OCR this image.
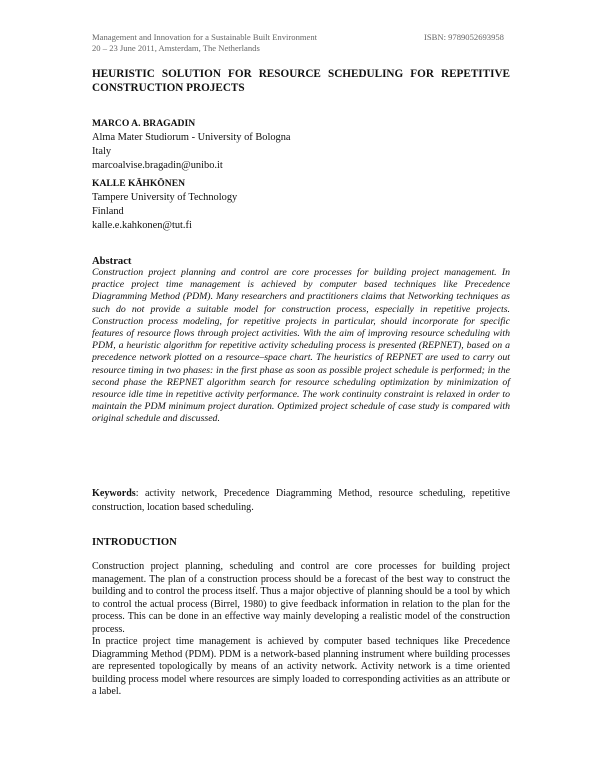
Management and Innovation for a Sustainable Built Environment
20 – 23 June 2011, Amsterdam, The Netherlands
ISBN: 9789052693958
HEURISTIC SOLUTION FOR RESOURCE SCHEDULING FOR REPETITIVE CONSTRUCTION PROJECTS
MARCO A. BRAGADIN
Alma Mater Studiorum - University of Bologna
Italy
marcoalvise.bragadin@unibo.it
KALLE KÄHKÖNEN
Tampere University of Technology
Finland
kalle.e.kahkonen@tut.fi
Abstract

Construction project planning and control are core processes for building project management. In practice project time management is achieved by computer based techniques like Precedence Diagramming Method (PDM). Many researchers and practitioners claims that Networking techniques as such do not provide a suitable model for construction process, especially in repetitive projects. Construction process modeling, for repetitive projects in particular, should incorporate for specific features of resource flows through project activities. With the aim of improving resource scheduling with PDM, a heuristic algorithm for repetitive activity scheduling process is presented (REPNET), based on a precedence network plotted on a resource–space chart. The heuristics of REPNET are used to carry out resource timing in two phases: in the first phase as soon as possible project schedule is performed; in the second phase the REPNET algorithm search for resource scheduling optimization by minimization of resource idle time in repetitive activity performance. The work continuity constraint is relaxed in order to maintain the PDM minimum project duration. Optimized project schedule of case study is compared with original schedule and discussed.

Keywords: activity network, Precedence Diagramming Method, resource scheduling, repetitive construction, location based scheduling.

INTRODUCTION

Construction project planning, scheduling and control are core processes for building project management. The plan of a construction process should be a forecast of the best way to construct the building and to control the process itself. Thus a major objective of planning should be a tool by which to control the actual process (Birrel, 1980) to give feedback information in relation to the plan for the process. This can be done in an effective way mainly developing a realistic model of the construction process.

In practice project time management is achieved by computer based techniques like Precedence Diagramming Method (PDM). PDM is a network-based planning instrument where building processes are represented topologically by means of an activity network. Activity network is a time oriented building process model where resources are simply loaded to corresponding activities as an attribute or a label.
